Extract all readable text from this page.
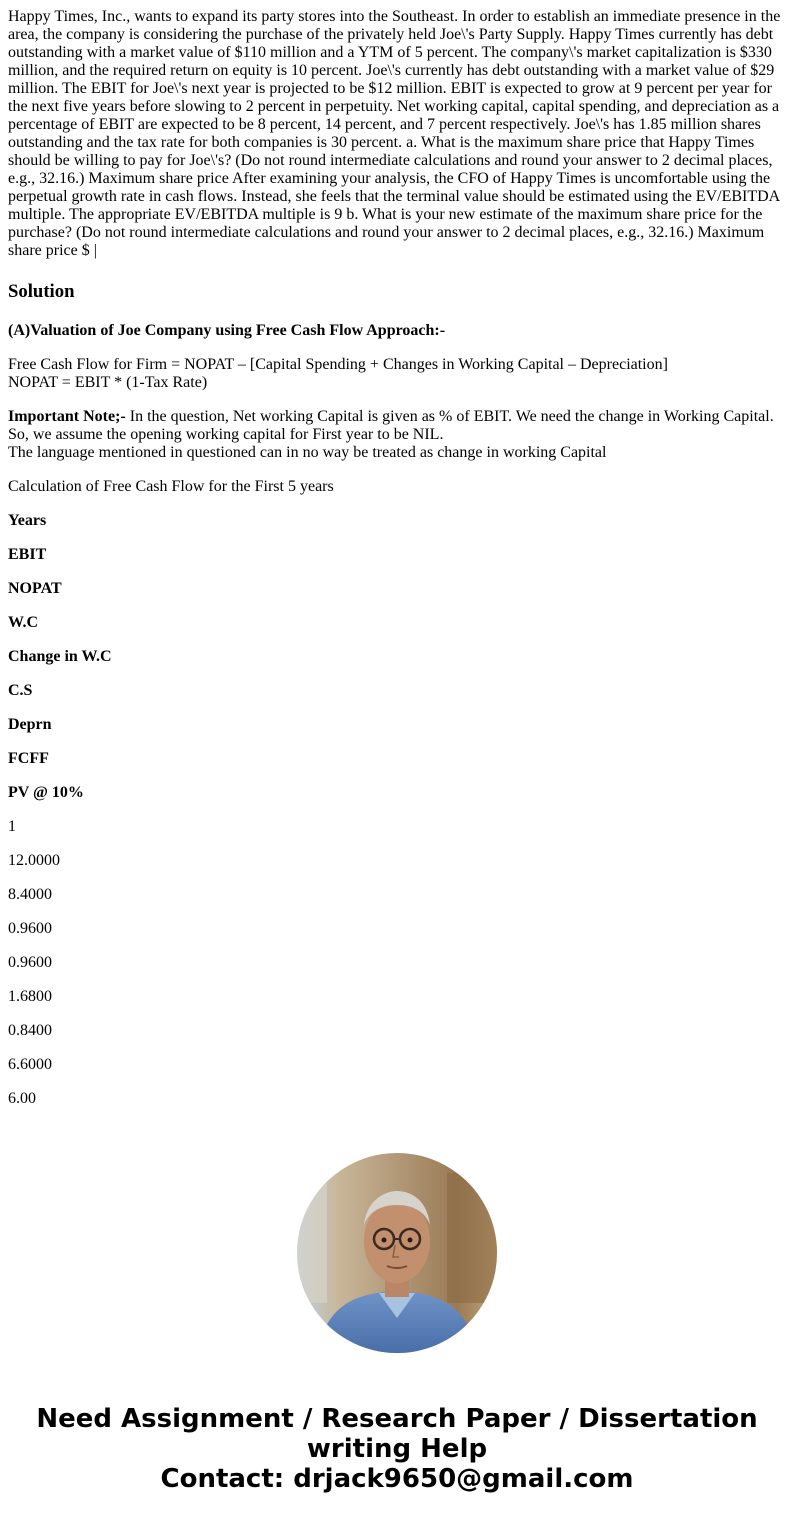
Happy Times, Inc., wants to expand its party stores into the Southeast. In order to establish an immediate presence in the area, the company is considering the purchase of the privately held Joe\'s Party Supply. Happy Times currently has debt outstanding with a market value of $110 million and a YTM of 5 percent. The company\'s market capitalization is $330 million, and the required return on equity is 10 percent. Joe\'s currently has debt outstanding with a market value of $29 million. The EBIT for Joe\'s next year is projected to be $12 million. EBIT is expected to grow at 9 percent per year for the next five years before slowing to 2 percent in perpetuity. Net working capital, capital spending, and depreciation as a percentage of EBIT are expected to be 8 percent, 14 percent, and 7 percent respectively. Joe\'s has 1.85 million shares outstanding and the tax rate for both companies is 30 percent. a. What is the maximum share price that Happy Times should be willing to pay for Joe\'s? (Do not round intermediate calculations and round your answer to 2 decimal places, e.g., 32.16.) Maximum share price After examining your analysis, the CFO of Happy Times is uncomfortable using the perpetual growth rate in cash flows. Instead, she feels that the terminal value should be estimated using the EV/EBITDA multiple. The appropriate EV/EBITDA multiple is 9 b. What is your new estimate of the maximum share price for the purchase? (Do not round intermediate calculations and round your answer to 2 decimal places, e.g., 32.16.) Maximum share price $ |

Solution

(A)Valuation of Joe Company using Free Cash Flow Approach:-

Free Cash Flow for Firm = NOPAT – [Capital Spending + Changes in Working Capital – Depreciation]
NOPAT = EBIT * (1-Tax Rate)

Important Note;- In the question, Net working Capital is given as % of EBIT. We need the change in Working Capital. So, we assume the opening working capital for First year to be NIL.
The language mentioned in questioned can in no way be treated as change in working Capital

Calculation of Free Cash Flow for the First 5 years

Years

EBIT

NOPAT

W.C

Change in W.C

C.S

Deprn

FCFF

PV @ 10%

1

12.0000

8.4000

0.9600

0.9600

1.6800

0.8400

6.6000

6.00

Need Assignment / Research Paper / Dissertation
writing Help
Contact: drjack9650@gmail.com
